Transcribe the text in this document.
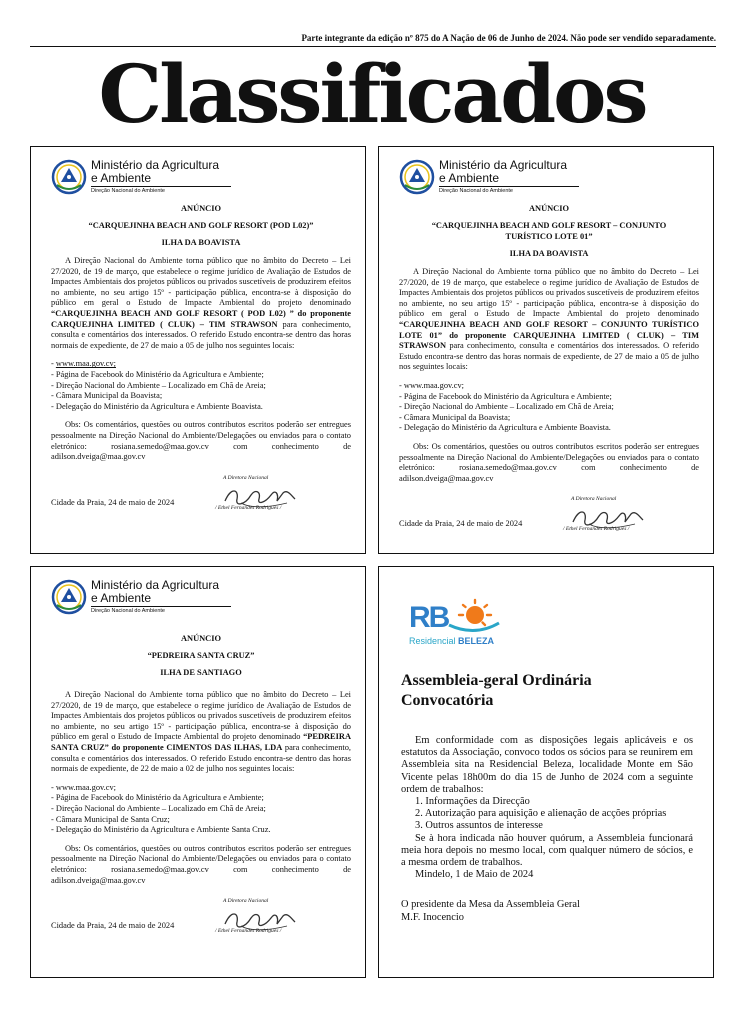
Parte integrante da edição nº 875 do A Nação de 06 de Junho de 2024. Não pode ser vendido separadamente.
Classificados
Ministério da Agricultura
e Ambiente
Direção Nacional do Ambiente
ANÚNCIO
“CARQUEJINHA BEACH AND GOLF RESORT (POD L02)”
ILHA DA BOAVISTA

A Direção Nacional do Ambiente torna público que no âmbito do Decreto – Lei 27/2020, de 19 de março, que estabelece o regime jurídico de Avaliação de Estudos de Impactes Ambientais dos projetos públicos ou privados suscetíveis de produzirem efeitos no ambiente, no seu artigo 15º - participação pública, encontra-se à disposição do público em geral o Estudo de Impacte Ambiental do projeto denominado “CARQUEJINHA BEACH AND GOLF RESORT ( POD L02) ” do proponente CARQUEJINHA LIMITED ( CLUK) – TIM STRAWSON para conhecimento, consulta e comentários dos interessados. O referido Estudo encontra-se dentro das horas normais de expediente, de 27 de maio a 05 de julho nos seguintes locais:

- www.maa.gov.cv;
- Página de Facebook do Ministério da Agricultura e Ambiente;
- Direção Nacional do Ambiente – Localizado em Chã de Areia;
- Câmara Municipal da Boavista;
- Delegação do Ministério da Agricultura e Ambiente Boavista.

Obs: Os comentários, questões ou outros contributos escritos poderão ser entregues pessoalmente na Direção Nacional do Ambiente/Delegações ou enviados para o contato eletrónico: rosiana.semedo@maa.gov.cv com conhecimento de adilson.dveiga@maa.gov.cv

Cidade da Praia, 24 de maio de 2024
A Diretora Nacional
/ Ethel Fernandes Rodrigues /
Ministério da Agricultura
e Ambiente
Direção Nacional do Ambiente
ANÚNCIO
“CARQUEJINHA BEACH AND GOLF RESORT – CONJUNTO TURÍSTICO LOTE 01”
ILHA DA BOAVISTA

A Direção Nacional do Ambiente torna público que no âmbito do Decreto – Lei 27/2020, de 19 de março, que estabelece o regime jurídico de Avaliação de Estudos de Impactes Ambientais dos projetos públicos ou privados suscetíveis de produzirem efeitos no ambiente, no seu artigo 15º - participação pública, encontra-se à disposição do público em geral o Estudo de Impacte Ambiental do projeto denominado “CARQUEJINHA BEACH AND GOLF RESORT – CONJUNTO TURÍSTICO LOTE 01” do proponente CARQUEJINHA LIMITED ( CLUK) – TIM STRAWSON para conhecimento, consulta e comentários dos interessados. O referido Estudo encontra-se dentro das horas normais de expediente, de 27 de maio a 05 de julho nos seguintes locais:

- www.maa.gov.cv;
- Página de Facebook do Ministério da Agricultura e Ambiente;
- Direção Nacional do Ambiente – Localizado em Chã de Areia;
- Câmara Municipal da Boavista;
- Delegação do Ministério da Agricultura e Ambiente Boavista.

Obs: Os comentários, questões ou outros contributos escritos poderão ser entregues pessoalmente na Direção Nacional do Ambiente/Delegações ou enviados para o contato eletrónico: rosiana.semedo@maa.gov.cv com conhecimento de adilson.dveiga@maa.gov.cv

Cidade da Praia, 24 de maio de 2024
A Diretora Nacional
/ Ethel Fernandes Rodrigues /
Ministério da Agricultura
e Ambiente
Direção Nacional do Ambiente
ANÚNCIO
“PEDREIRA SANTA CRUZ”
ILHA DE SANTIAGO

A Direção Nacional do Ambiente torna público que no âmbito do Decreto – Lei 27/2020, de 19 de março, que estabelece o regime jurídico de Avaliação de Estudos de Impactes Ambientais dos projetos públicos ou privados suscetíveis de produzirem efeitos no ambiente, no seu artigo 15º - participação pública, encontra-se à disposição do público em geral o Estudo de Impacte Ambiental do projeto denominado “PEDREIRA SANTA CRUZ” do proponente CIMENTOS DAS ILHAS, LDA para conhecimento, consulta e comentários dos interessados. O referido Estudo encontra-se dentro das horas normais de expediente, de 22 de maio a 02 de julho nos seguintes locais:

- www.maa.gov.cv;
- Página de Facebook do Ministério da Agricultura e Ambiente;
- Direção Nacional do Ambiente – Localizado em Chã de Areia;
- Câmara Municipal de Santa Cruz;
- Delegação do Ministério da Agricultura e Ambiente Santa Cruz.

Obs: Os comentários, questões ou outros contributos escritos poderão ser entregues pessoalmente na Direção Nacional do Ambiente/Delegações ou enviados para o contato eletrónico: rosiana.semedo@maa.gov.cv com conhecimento de adilson.dveiga@maa.gov.cv

Cidade da Praia, 24 de maio de 2024
A Diretora Nacional
/ Ethel Fernandes Rodrigues /
RB
Residencial BELEZA
Assembleia-geral Ordinária
Convocatória

Em conformidade com as disposições legais aplicáveis e os estatutos da Associação, convoco todos os sócios para se reunirem em Assembleia sita na Residencial Beleza, localidade Monte em São Vicente pelas 18h00m do dia 15 de Junho de 2024 com a seguinte ordem de trabalhos:

1. Informações da Direcção
2. Autorização para aquisição e alienação de acções próprias
3. Outros assuntos de interesse

Se à hora indicada não houver quórum, a Assembleia funcionará meia hora depois no mesmo local, com qualquer número de sócios, e a mesma ordem de trabalhos.

Mindelo, 1 de Maio de 2024

O presidente da Mesa da Assembleia Geral

M.F. Inocencio
